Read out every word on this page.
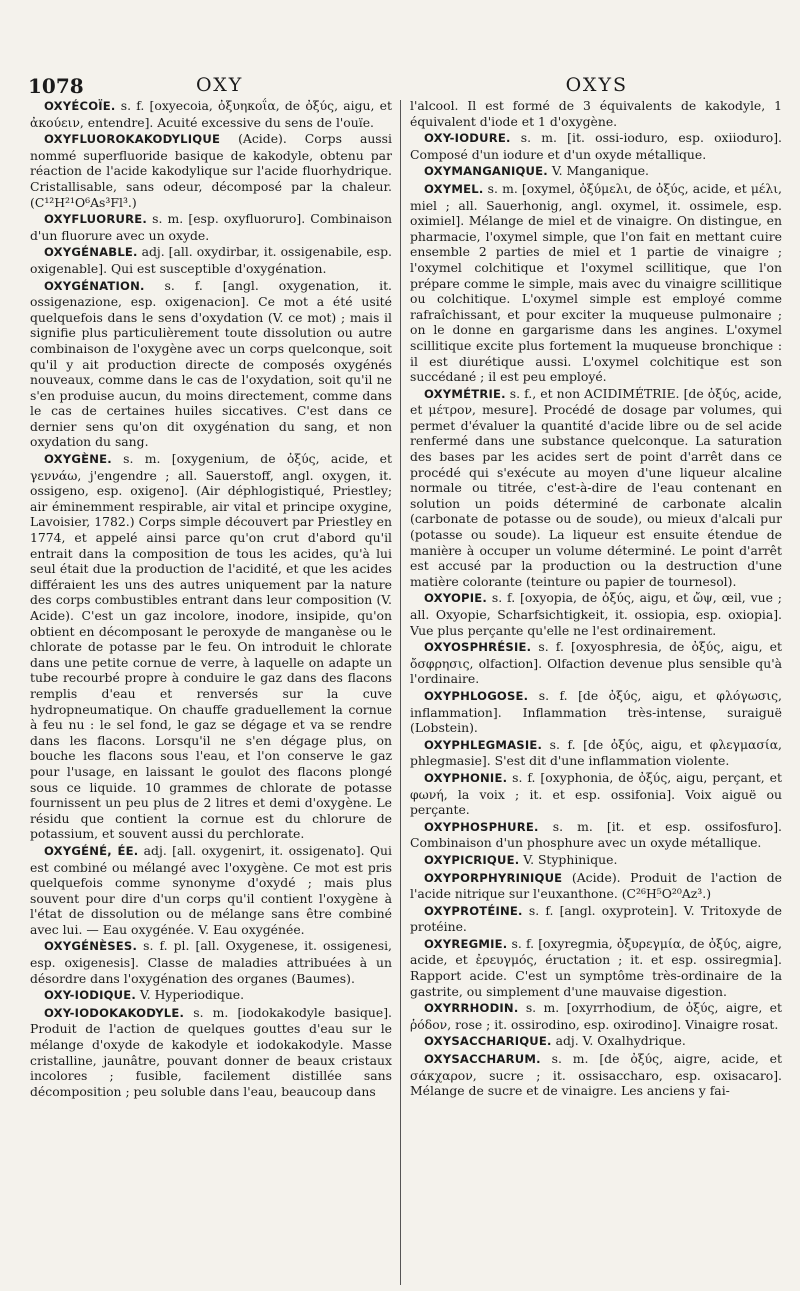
1078	OXY	OXYS

OXYÉCOÏE. s. f. [oxyecoia, ὀξυηκοΐα, de ὀξύς, aigu, et ἀκούειν, entendre]. Acuité excessive du sens de l'ouïe.

OXYFLUOROKAKODYLIQUE (Acide). Corps aussi nommé superfluoride basique de kakodyle, obtenu par réaction de l'acide kakodylique sur l'acide fluorhydrique. Cristallisable, sans odeur, décomposé par la chaleur. (C¹²H²¹O⁶As³Fl³.)

OXYFLUORURE. s. m. [esp. oxyfluoruro]. Combinaison d'un fluorure avec un oxyde.

OXYGÉNABLE. adj. [all. oxydirbar, it. ossigenabile, esp. oxigenable]. Qui est susceptible d'oxygénation.

OXYGÉNATION. s. f. [angl. oxygenation, it. ossigenazione, esp. oxigenacion]. Ce mot a été usité quelquefois dans le sens d'oxydation (V. ce mot) ; mais il signifie plus particulièrement toute dissolution ou autre combinaison de l'oxygène avec un corps quelconque, soit qu'il y ait production directe de composés oxygénés nouveaux, comme dans le cas de l'oxydation, soit qu'il ne s'en produise aucun, du moins directement, comme dans le cas de certaines huiles siccatives. C'est dans ce dernier sens qu'on dit oxygénation du sang, et non oxydation du sang.

OXYGÈNE. s. m. [oxygenium, de ὀξύς, acide, et γεννάω, j'engendre ; all. Sauerstoff, angl. oxygen, it. ossigeno, esp. oxigeno]. (Air déphlogistiqué, Priestley; air éminemment respirable, air vital et principe oxygine, Lavoisier, 1782.) Corps simple découvert par Priestley en 1774, et appelé ainsi parce qu'on crut d'abord qu'il entrait dans la composition de tous les acides, qu'à lui seul était due la production de l'acidité, et que les acides différaient les uns des autres uniquement par la nature des corps combustibles entrant dans leur composition (V. Acide). C'est un gaz incolore, inodore, insipide, qu'on obtient en décomposant le peroxyde de manganèse ou le chlorate de potasse par le feu. On introduit le chlorate dans une petite cornue de verre, à laquelle on adapte un tube recourbé propre à conduire le gaz dans des flacons remplis d'eau et renversés sur la cuve hydropneumatique. On chauffe graduellement la cornue à feu nu : le sel fond, le gaz se dégage et va se rendre dans les flacons. Lorsqu'il ne s'en dégage plus, on bouche les flacons sous l'eau, et l'on conserve le gaz pour l'usage, en laissant le goulot des flacons plongé sous ce liquide. 10 grammes de chlorate de potasse fournissent un peu plus de 2 litres et demi d'oxygène. Le résidu que contient la cornue est du chlorure de potassium, et souvent aussi du perchlorate.

OXYGÉNÉ, ÉE. adj. [all. oxygenirt, it. ossigenato]. Qui est combiné ou mélangé avec l'oxygène. Ce mot est pris quelquefois comme synonyme d'oxydé ; mais plus souvent pour dire d'un corps qu'il contient l'oxygène à l'état de dissolution ou de mélange sans être combiné avec lui. — Eau oxygénée. V. Eau oxygénée.

OXYGÉNÈSES. s. f. pl. [all. Oxygenese, it. ossigenesi, esp. oxigenesis]. Classe de maladies attribuées à un désordre dans l'oxygénation des organes (Baumes).

OXY-IODIQUE. V. Hyperiodique.

OXY-IODOKAKODYLE. s. m. [iodokakodyle basique]. Produit de l'action de quelques gouttes d'eau sur le mélange d'oxyde de kakodyle et iodokakodyle. Masse cristalline, jaunâtre, pouvant donner de beaux cristaux incolores ; fusible, facilement distillée sans décomposition ; peu soluble dans l'eau, beaucoup dans

l'alcool. Il est formé de 3 équivalents de kakodyle, 1 équivalent d'iode et 1 d'oxygène.

OXY-IODURE. s. m. [it. ossi-ioduro, esp. oxiioduro]. Composé d'un iodure et d'un oxyde métallique.

OXYMANGANIQUE. V. Manganique.

OXYMEL. s. m. [oxymel, ὀξύμελι, de ὀξύς, acide, et μέλι, miel ; all. Sauerhonig, angl. oxymel, it. ossimele, esp. oximiel]. Mélange de miel et de vinaigre. On distingue, en pharmacie, l'oxymel simple, que l'on fait en mettant cuire ensemble 2 parties de miel et 1 partie de vinaigre ; l'oxymel colchitique et l'oxymel scillitique, que l'on prépare comme le simple, mais avec du vinaigre scillitique ou colchitique. L'oxymel simple est employé comme rafraîchissant, et pour exciter la muqueuse pulmonaire ; on le donne en gargarisme dans les angines. L'oxymel scillitique excite plus fortement la muqueuse bronchique : il est diurétique aussi. L'oxymel colchitique est son succédané ; il est peu employé.

OXYMÉTRIE. s. f., et non ACIDIMÉTRIE. [de ὀξύς, acide, et μέτρον, mesure]. Procédé de dosage par volumes, qui permet d'évaluer la quantité d'acide libre ou de sel acide renfermé dans une substance quelconque. La saturation des bases par les acides sert de point d'arrêt dans ce procédé qui s'exécute au moyen d'une liqueur alcaline normale ou titrée, c'est-à-dire de l'eau contenant en solution un poids déterminé de carbonate alcalin (carbonate de potasse ou de soude), ou mieux d'alcali pur (potasse ou soude). La liqueur est ensuite étendue de manière à occuper un volume déterminé. Le point d'arrêt est accusé par la production ou la destruction d'une matière colorante (teinture ou papier de tournesol).

OXYOPIE. s. f. [oxyopia, de ὀξύς, aigu, et ὤψ, œil, vue ; all. Oxyopie, Scharfsichtigkeit, it. ossiopia, esp. oxiopia]. Vue plus perçante qu'elle ne l'est ordinairement.

OXYOSPHRÉSIE. s. f. [oxyosphresia, de ὀξύς, aigu, et ὄσφρησις, olfaction]. Olfaction devenue plus sensible qu'à l'ordinaire.

OXYPHLOGOSE. s. f. [de ὀξύς, aigu, et φλόγωσις, inflammation]. Inflammation très-intense, suraiguë (Lobstein).

OXYPHLEGMASIE. s. f. [de ὀξύς, aigu, et φλεγμασία, phlegmasie]. S'est dit d'une inflammation violente.

OXYPHONIE. s. f. [oxyphonia, de ὀξύς, aigu, perçant, et φωνή, la voix ; it. et esp. ossifonia]. Voix aiguë ou perçante.

OXYPHOSPHURE. s. m. [it. et esp. ossifosfuro]. Combinaison d'un phosphure avec un oxyde métallique.

OXYPICRIQUE. V. Styphinique.

OXYPORPHYRINIQUE (Acide). Produit de l'action de l'acide nitrique sur l'euxanthone. (C²⁶H⁵O²⁰Az³.)

OXYPROTÉINE. s. f. [angl. oxyprotein]. V. Tritoxyde de protéine.

OXYREGMIE. s. f. [oxyregmia, ὀξυρεγμία, de ὀξύς, aigre, acide, et ἐρευγμός, éructation ; it. et esp. ossiregmia]. Rapport acide. C'est un symptôme très-ordinaire de la gastrite, ou simplement d'une mauvaise digestion.

OXYRRHODIN. s. m. [oxyrrhodium, de ὀξύς, aigre, et ῥόδον, rose ; it. ossirodino, esp. oxirodino]. Vinaigre rosat.

OXYSACCHARIQUE. adj. V. Oxalhydrique.

OXYSACCHARUM. s. m. [de ὀξύς, aigre, acide, et σάκχαρον, sucre ; it. ossisaccharo, esp. oxisacaro]. Mélange de sucre et de vinaigre. Les anciens y fai-
